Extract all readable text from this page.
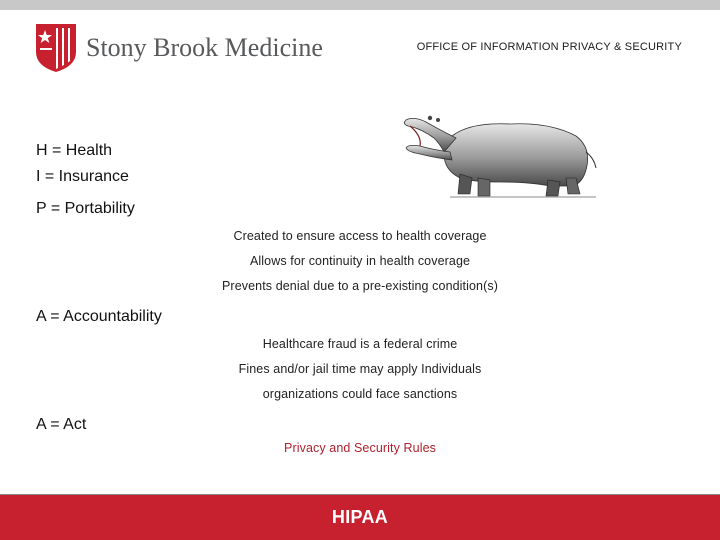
Stony Brook Medicine	OFFICE OF INFORMATION PRIVACY & SECURITY
H = Health
I = Insurance
P = Portability
Created to ensure access to health coverage
Allows for continuity in health coverage
Prevents denial due to a pre-existing condition(s)
A = Accountability
Healthcare fraud is a federal crime
Fines and/or jail time may apply Individuals
organizations could face sanctions
A = Act
Privacy and Security Rules
HIPAA
